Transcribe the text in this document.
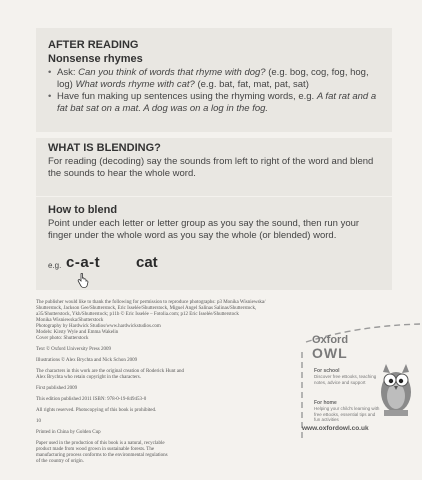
AFTER READING
Nonsense rhymes
• Ask: Can you think of words that rhyme with dog? (e.g. bog, cog, fog, hog, log) What words rhyme with cat? (e.g. bat, fat, mat, pat, sat)
• Have fun making up sentences using the rhyming words, e.g. A fat rat and a fat bat sat on a mat. A dog was on a log in the fog.
WHAT IS BLENDING?

For reading (decoding) say the sounds from left to right of the word and blend the sounds to hear the whole word.

How to blend

Point under each letter or letter group as you say the sound, then run your finger under the whole word as you say the whole (or blended) word.

e.g. c-a-t cat
The publisher would like to thank the following for permission to reproduce photographs: p3 Monika Wisniewska/
Shutterstock, Jackson Gee/Shutterstock, Eric Isselée/Shutterstock, Miguel Angel Salinas Salinas/Shutterstock,
a35/Shutterstock, Ykh/Shutterstock; p11b © Eric Isselée – Fotolia.com; p12 Eric Isselée/Shutterstock
Monika Wisniewska/Shutterstock
Photography by Hardwick Studios/www.hardwickstudios.com
Models: Kirsty Wyle and Emma Wakelin
Cover photo: Shutterstock
Text © Oxford University Press 2009
Illustrations © Alex Brychta and Nick Schon 2009
The characters in this work are the original creation of Roderick Hunt and
Alex Brychta who retain copyright in the characters.
First published 2009
This edition published 2011 ISBN: 978-0-19-849453-0
All rights reserved. Photocopying of this book is prohibited.
10
Printed in China by Golden Cup
Paper used in the production of this book is a natural, recyclable
product made from wood grown in sustainable forests. The
manufacturing process conforms to the environmental regulations
of the country of origin.
Oxford
OWL
For school
Discover free eBooks, teaching notes, advice and support
For home
Helping your child's learning with free eBooks, essential tips and fun activities
www.oxfordowl.co.uk
